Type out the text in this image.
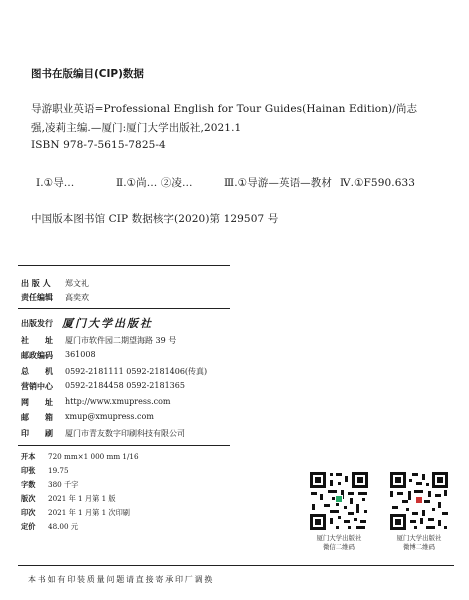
图书在版编目(CIP)数据
导游职业英语=Professional English for Tour Guides(Hainan Edition)/尚志
强,凌莉主编.—厦门:厦门大学出版社,2021.1
ISBN 978-7-5615-7825-4
Ⅰ.①导…	Ⅱ.①尚… ②凌…	Ⅲ.①导游—英语—教材 Ⅳ.①F590.633
中国版本图书馆 CIP 数据核字(2020)第 129507 号
出 版 人 郑文礼
责任编辑 高奕欢
出版发行 厦门大学出版社
社　　址 厦门市软件园二期望海路 39 号
邮政编码 361008
总　　机 0592-2181111 0592-2181406(传真)
营销中心 0592-2184458 0592-2181365
网　　址 http://www.xmupress.com
邮　　箱 xmup@xmupress.com
印　　刷 厦门市青友数字印刷科技有限公司
开本 720 mm×1 000 mm 1/16
印张 19.75
字数 380 千字
版次 2021 年 1 月第 1 版
印次 2021 年 1 月第 1 次印刷
定价 48.00 元
厦门大学出版社
微信二维码
厦门大学出版社
微博二维码
本书如有印装质量问题请直接寄承印厂调换
